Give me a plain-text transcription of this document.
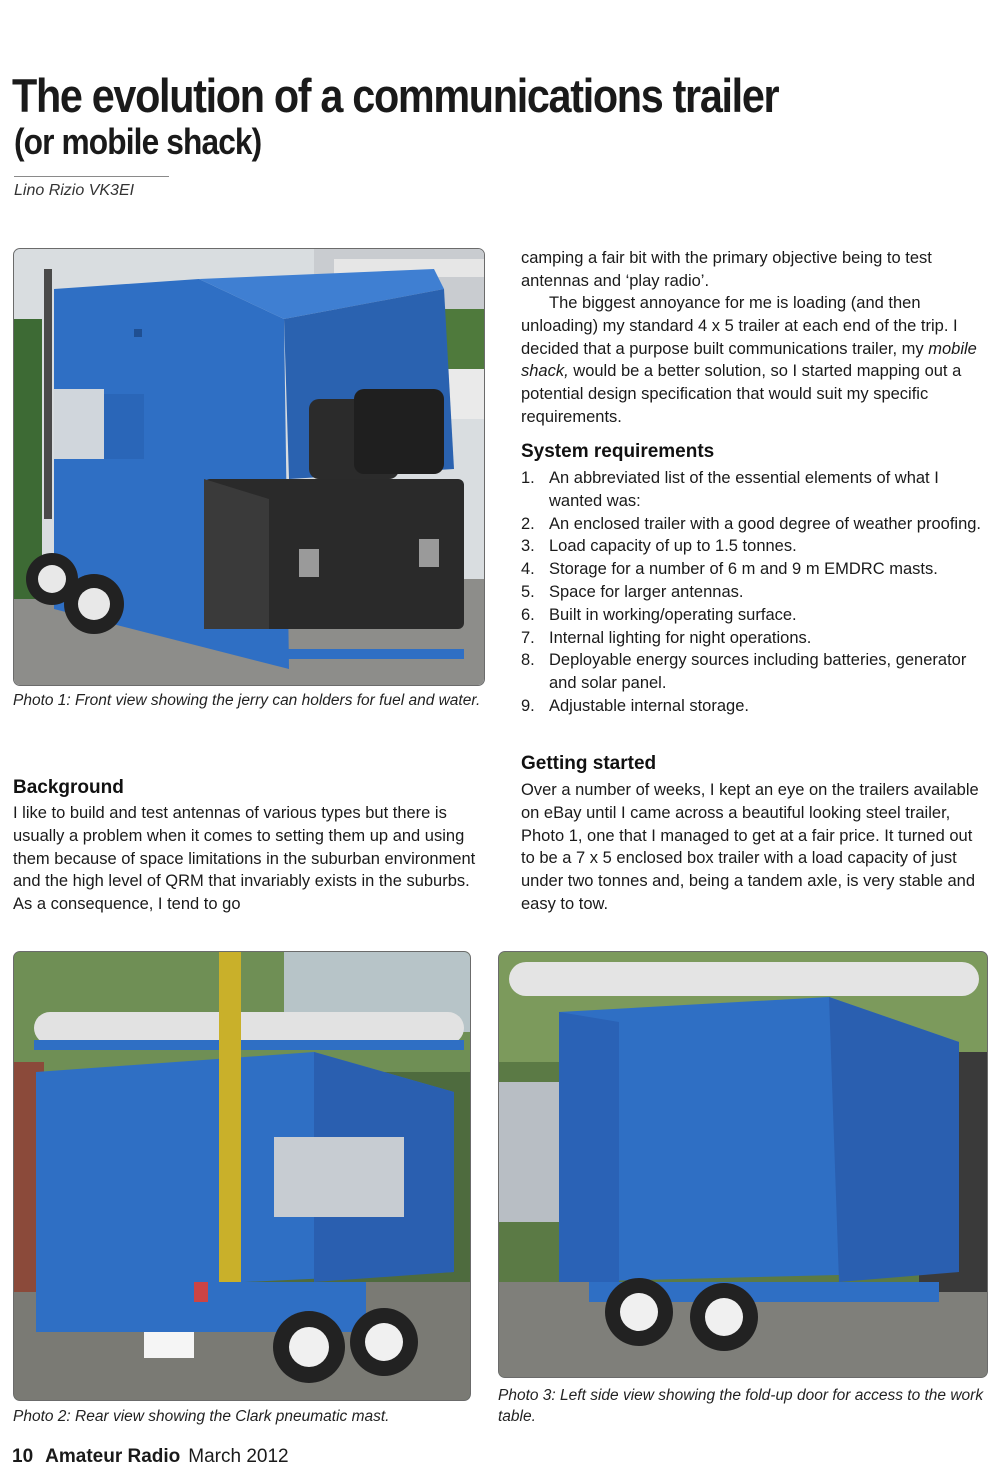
The evolution of a communications trailer
(or mobile shack)
Lino Rizio VK3EI
Photo 1: Front view showing the jerry can holders for fuel and water.
Background
I like to build and test antennas of various types but there is usually a problem when it comes to setting them up and using them because of space limitations in the suburban environment and the high level of QRM that invariably exists in the suburbs. As a consequence, I tend to go
camping a fair bit with the primary objective being to test antennas and ‘play radio’.
The biggest annoyance for me is loading (and then unloading) my standard 4 x 5 trailer at each end of the trip. I decided that a purpose built communications trailer, my mobile shack, would be a better solution, so I started mapping out a potential design specification that would suit my specific requirements.
System requirements
1. An abbreviated list of the essential elements of what I wanted was:
2. An enclosed trailer with a good degree of weather proofing.
3. Load capacity of up to 1.5 tonnes.
4. Storage for a number of 6 m and 9 m EMDRC masts.
5. Space for larger antennas.
6. Built in working/operating surface.
7. Internal lighting for night operations.
8. Deployable energy sources including batteries, generator and solar panel.
9. Adjustable internal storage.
Getting started
Over a number of weeks, I kept an eye on the trailers available on eBay until I came across a beautiful looking steel trailer, Photo 1, one that I managed to get at a fair price. It turned out to be a 7 x 5 enclosed box trailer with a load capacity of just under two tonnes and, being a tandem axle, is very stable and easy to tow.
Photo 2: Rear view showing the Clark pneumatic mast.
Photo 3: Left side view showing the fold-up door for access to the work table.
10 Amateur Radio March 2012
